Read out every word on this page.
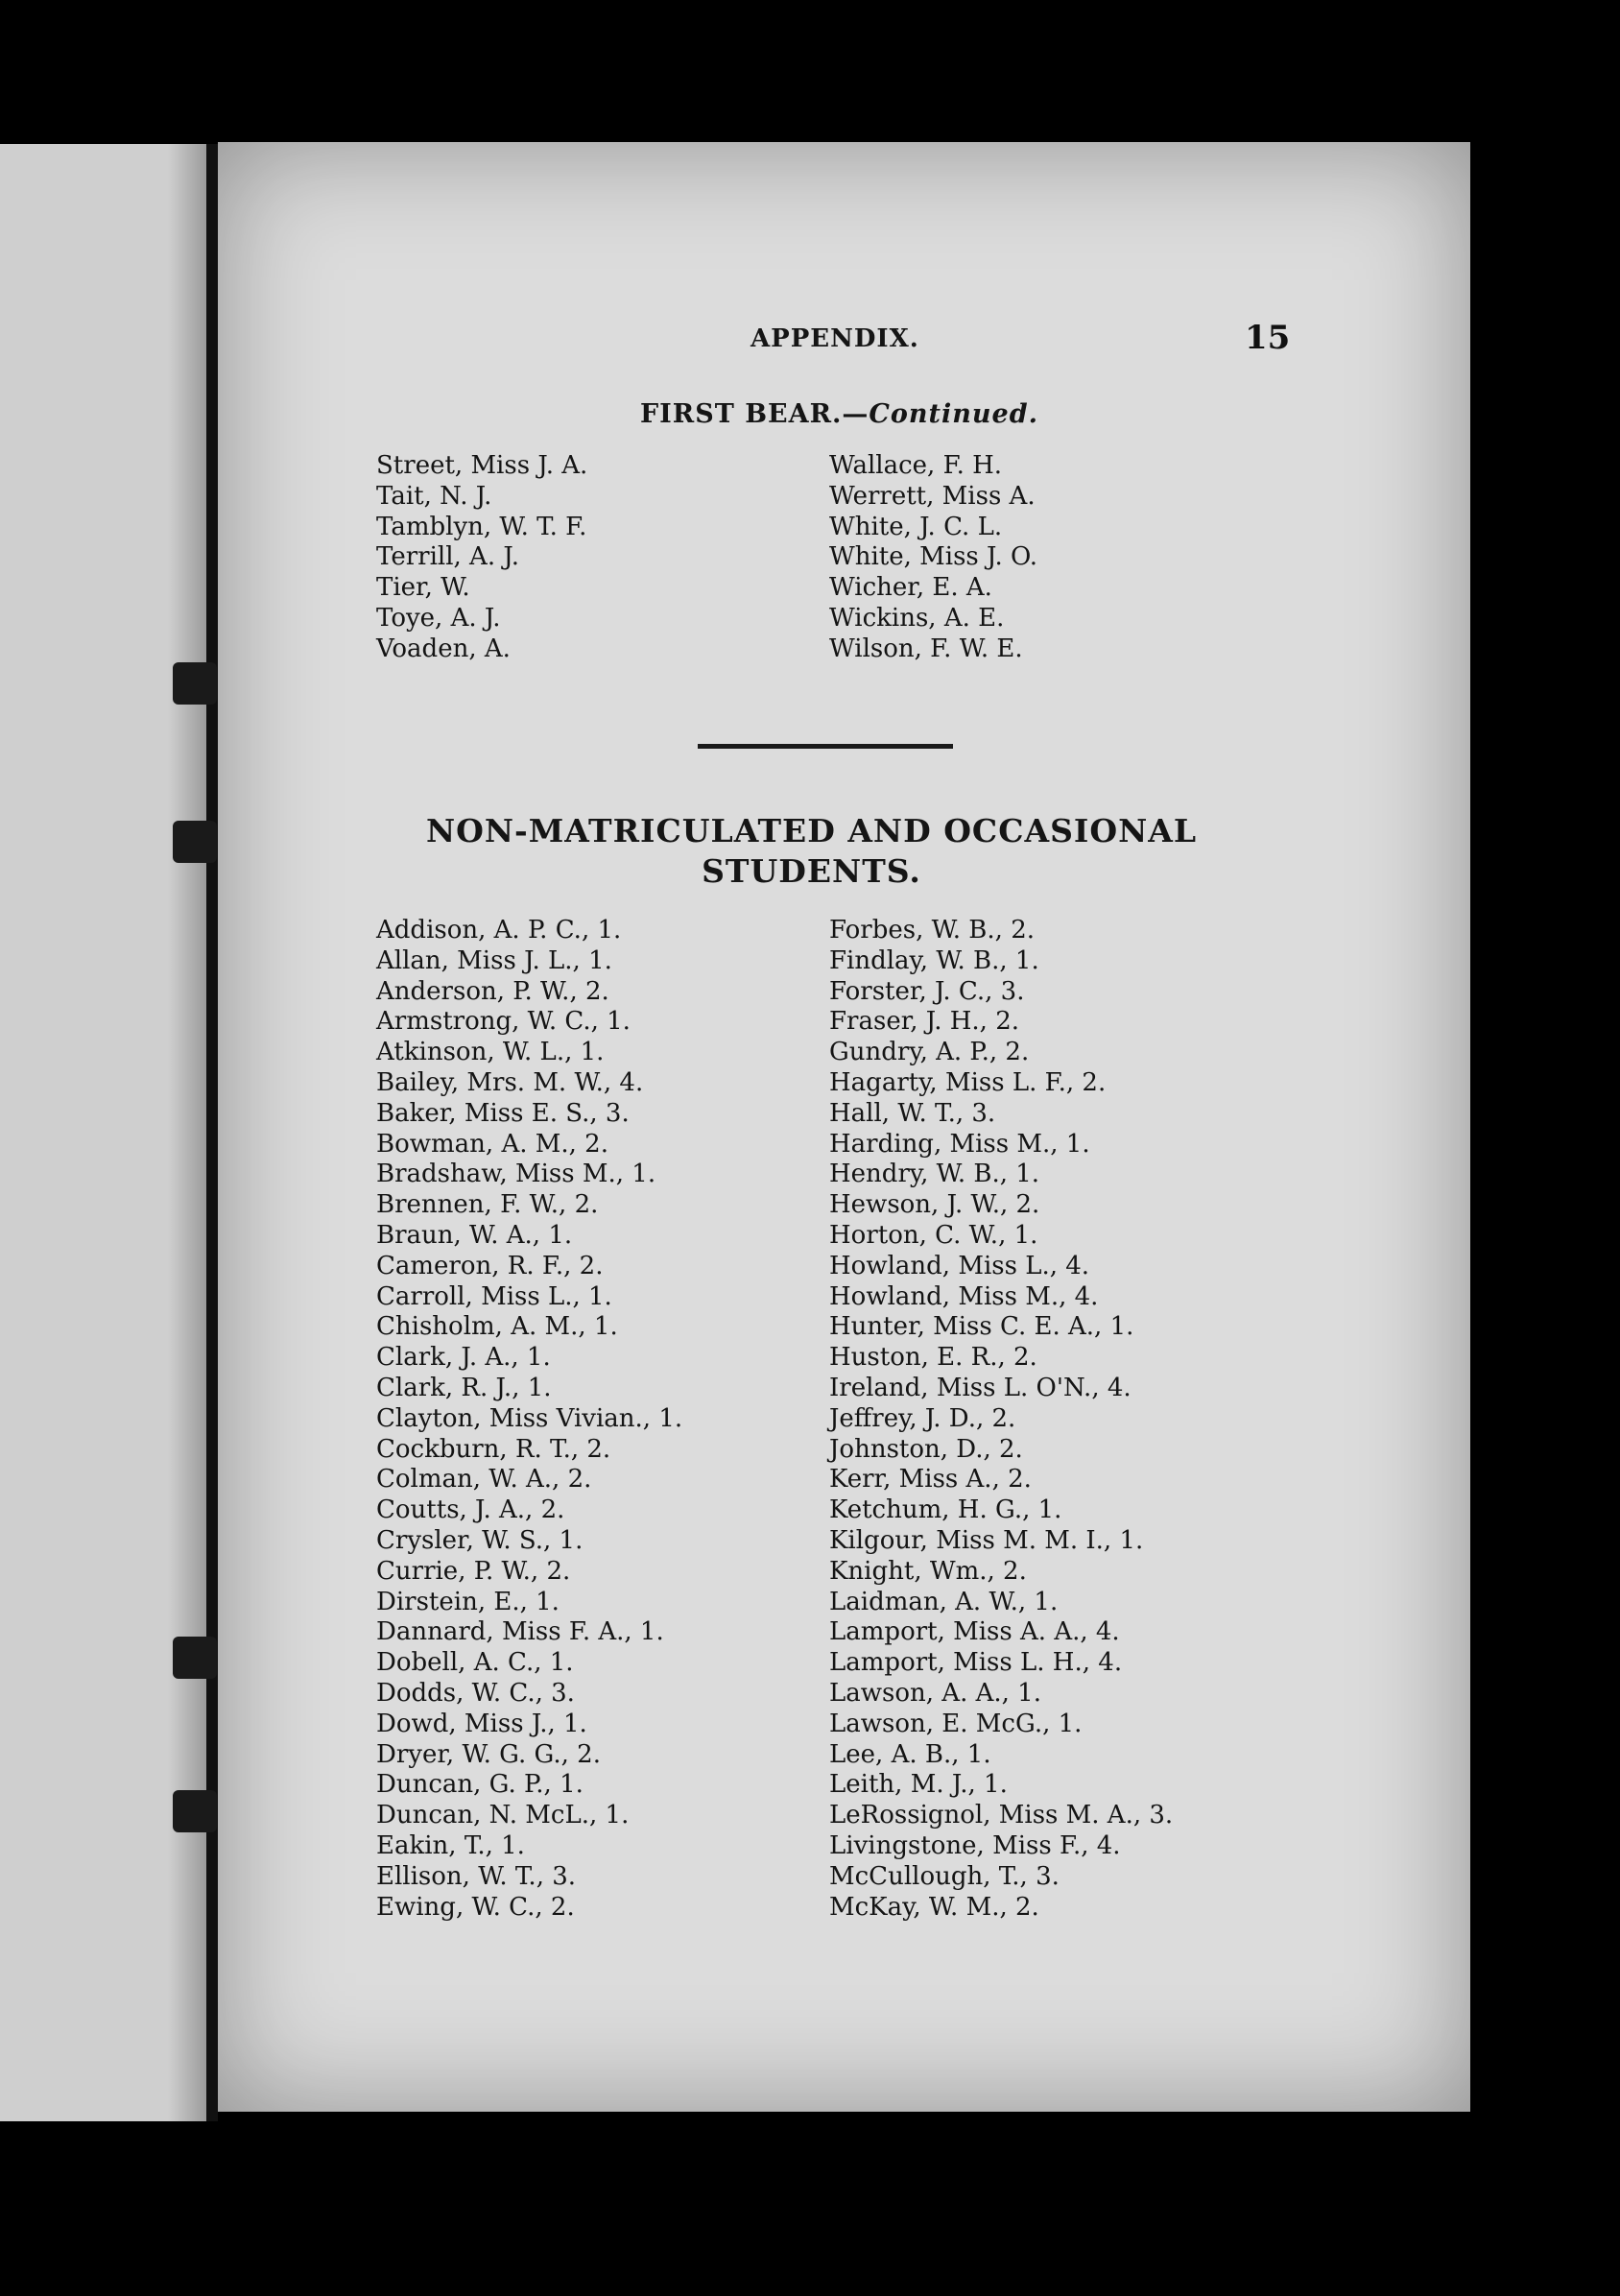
APPENDIX.	15
FIRST BEAR.—Continued.
Street, Miss J. A.
Tait, N. J.
Tamblyn, W. T. F.
Terrill, A. J.
Tier, W.
Toye, A. J.
Voaden, A.
Wallace, F. H.
Werrett, Miss A.
White, J. C. L.
White, Miss J. O.
Wicher, E. A.
Wickins, A. E.
Wilson, F. W. E.
NON-MATRICULATED AND OCCASIONAL
STUDENTS.
Addison, A. P. C., 1.
Allan, Miss J. L., 1.
Anderson, P. W., 2.
Armstrong, W. C., 1.
Atkinson, W. L., 1.
Bailey, Mrs. M. W., 4.
Baker, Miss E. S., 3.
Bowman, A. M., 2.
Bradshaw, Miss M., 1.
Brennen, F. W., 2.
Braun, W. A., 1.
Cameron, R. F., 2.
Carroll, Miss L., 1.
Chisholm, A. M., 1.
Clark, J. A., 1.
Clark, R. J., 1.
Clayton, Miss Vivian., 1.
Cockburn, R. T., 2.
Colman, W. A., 2.
Coutts, J. A., 2.
Crysler, W. S., 1.
Currie, P. W., 2.
Dirstein, E., 1.
Dannard, Miss F. A., 1.
Dobell, A. C., 1.
Dodds, W. C., 3.
Dowd, Miss J., 1.
Dryer, W. G. G., 2.
Duncan, G. P., 1.
Duncan, N. McL., 1.
Eakin, T., 1.
Ellison, W. T., 3.
Ewing, W. C., 2.
Forbes, W. B., 2.
Findlay, W. B., 1.
Forster, J. C., 3.
Fraser, J. H., 2.
Gundry, A. P., 2.
Hagarty, Miss L. F., 2.
Hall, W. T., 3.
Harding, Miss M., 1.
Hendry, W. B., 1.
Hewson, J. W., 2.
Horton, C. W., 1.
Howland, Miss L., 4.
Howland, Miss M., 4.
Hunter, Miss C. E. A., 1.
Huston, E. R., 2.
Ireland, Miss L. O'N., 4.
Jeffrey, J. D., 2.
Johnston, D., 2.
Kerr, Miss A., 2.
Ketchum, H. G., 1.
Kilgour, Miss M. M. I., 1.
Knight, Wm., 2.
Laidman, A. W., 1.
Lamport, Miss A. A., 4.
Lamport, Miss L. H., 4.
Lawson, A. A., 1.
Lawson, E. McG., 1.
Lee, A. B., 1.
Leith, M. J., 1.
LeRossignol, Miss M. A., 3.
Livingstone, Miss F., 4.
McCullough, T., 3.
McKay, W. M., 2.
